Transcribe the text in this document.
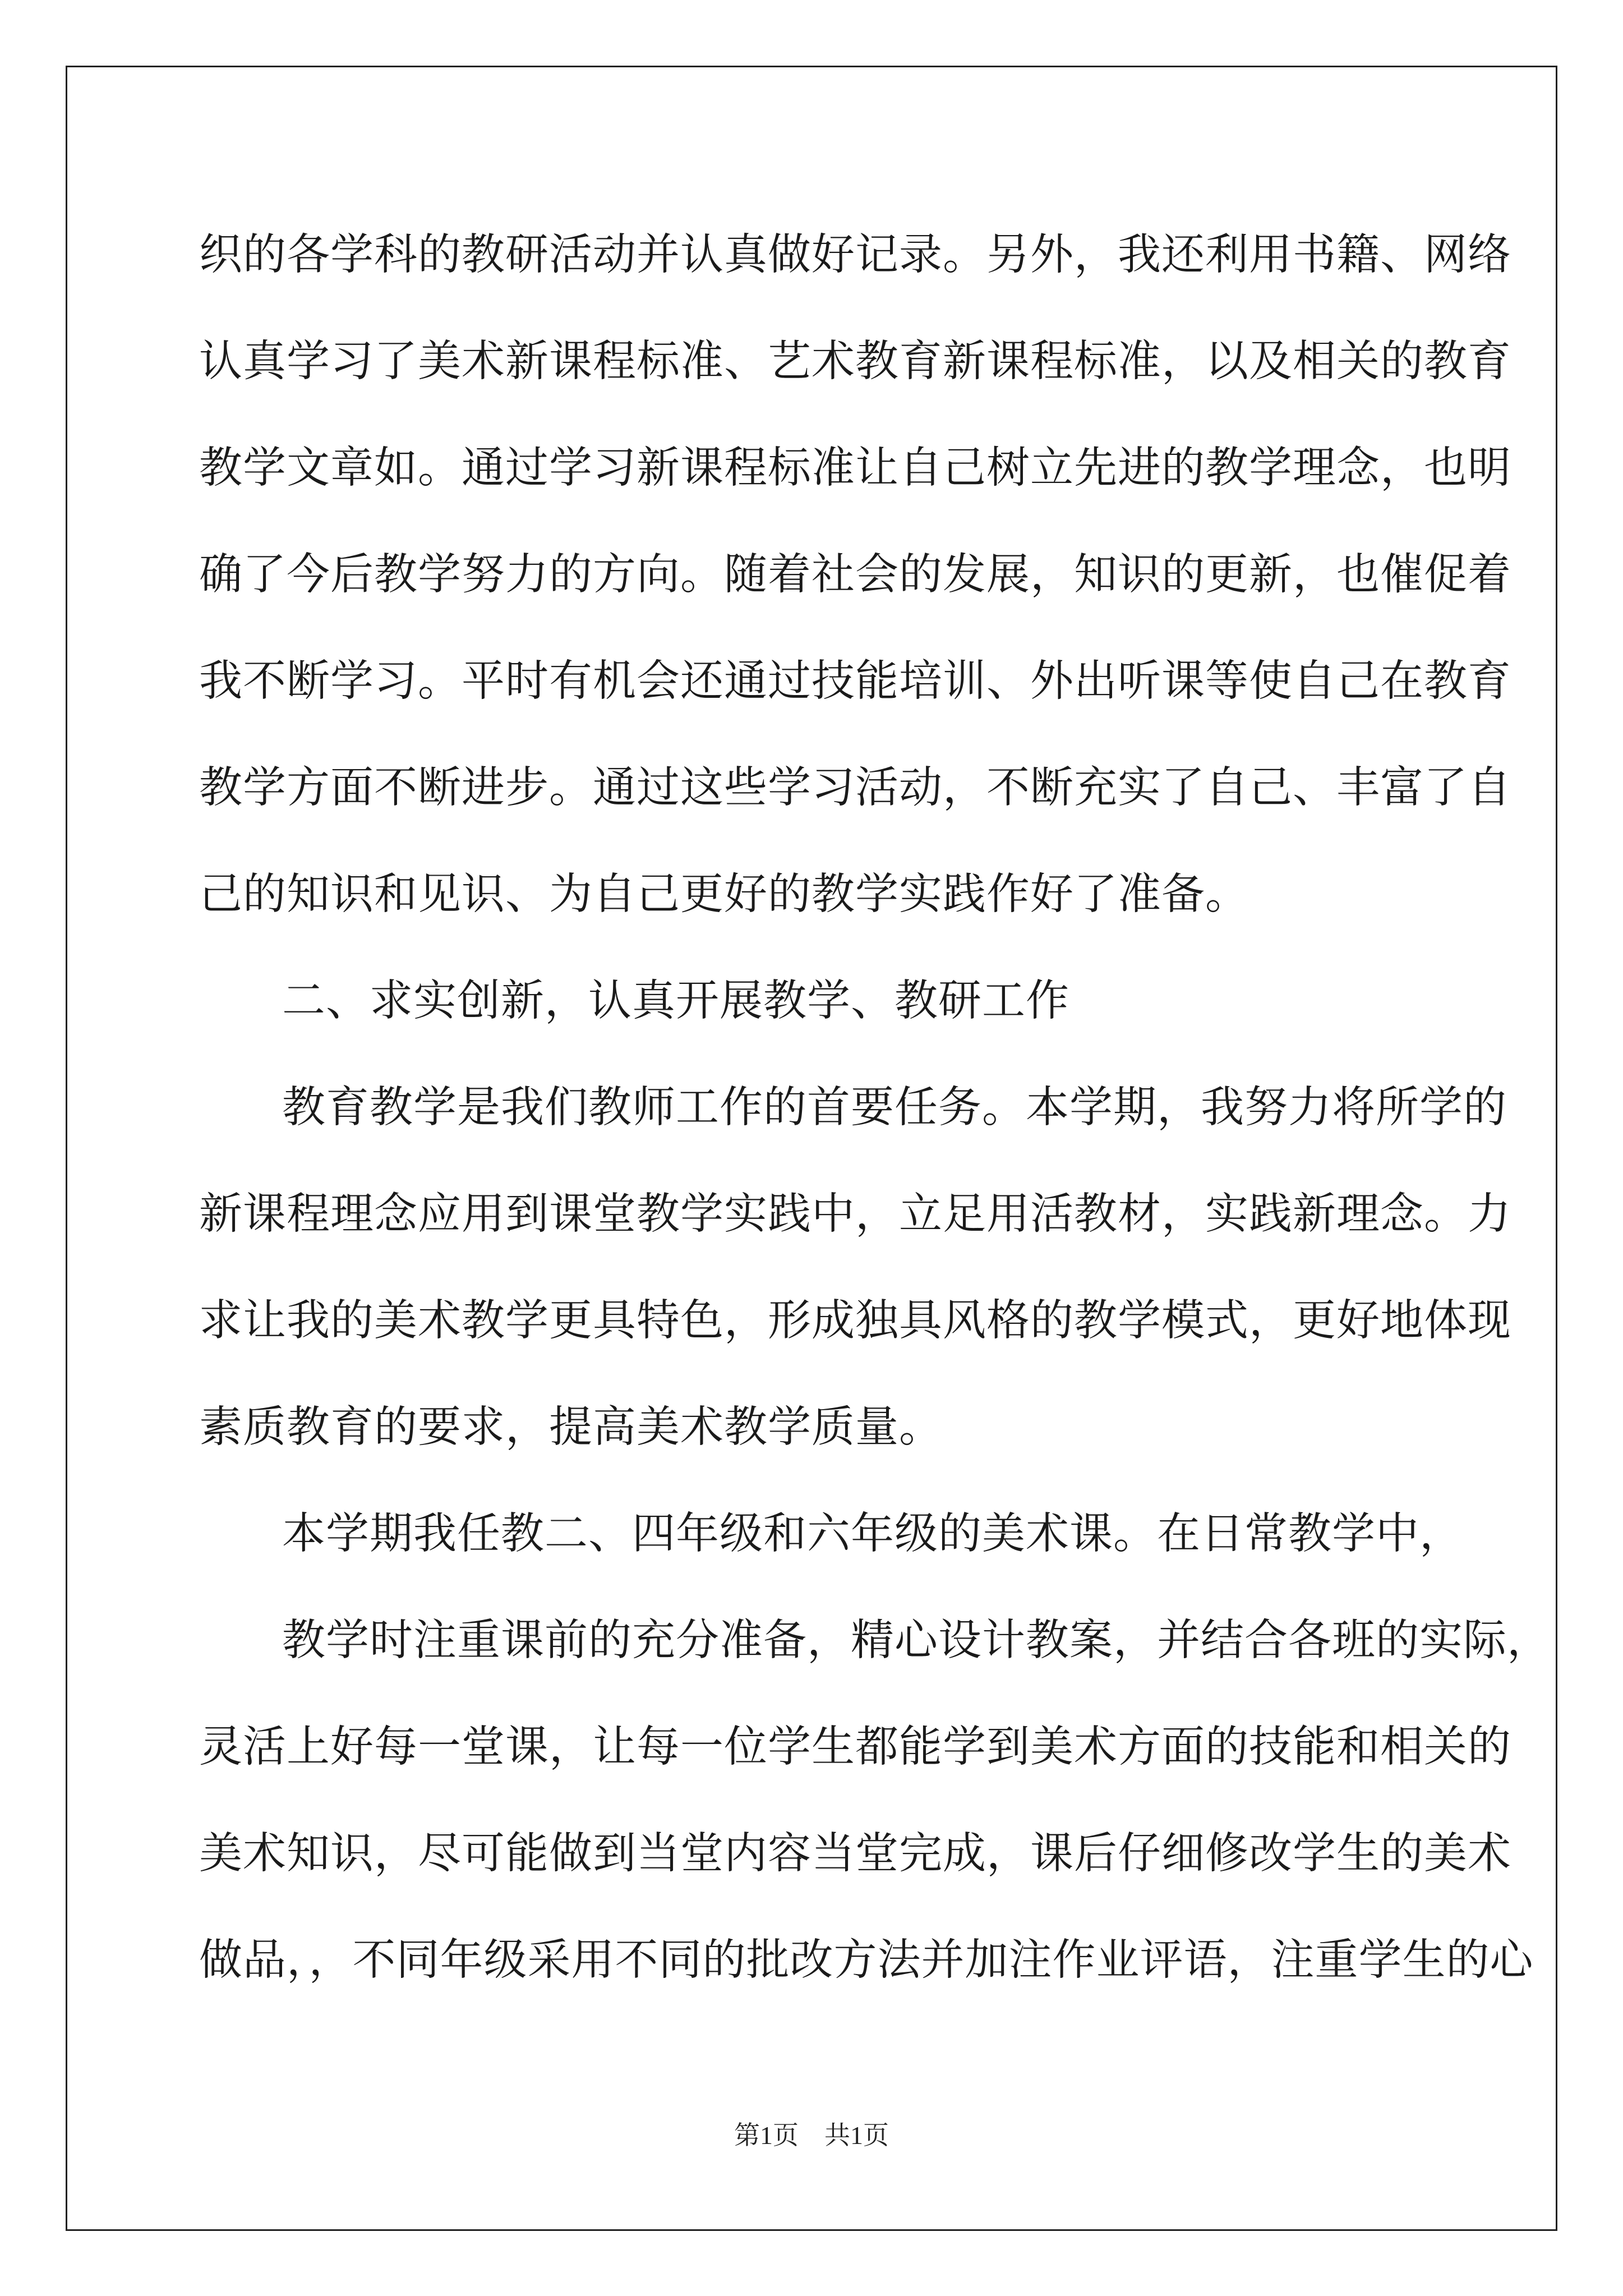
织的各学科的教研活动并认真做好记录。另外，我还利用书籍、网络
认真学习了美术新课程标准、艺术教育新课程标准，以及相关的教育
教学文章如。通过学习新课程标准让自己树立先进的教学理念，也明
确了今后教学努力的方向。随着社会的发展，知识的更新，也催促着
我不断学习。平时有机会还通过技能培训、外出听课等使自己在教育
教学方面不断进步。通过这些学习活动，不断充实了自己、丰富了自
己的知识和见识、为自己更好的教学实践作好了准备。
二、求实创新，认真开展教学、教研工作
教育教学是我们教师工作的首要任务。本学期，我努力将所学的
新课程理念应用到课堂教学实践中，立足用活教材，实践新理念。力
求让我的美术教学更具特色，形成独具风格的教学模式，更好地体现
素质教育的要求，提高美术教学质量。
本学期我任教二、四年级和六年级的美术课。在日常教学中，
教学时注重课前的充分准备，精心设计教案，并结合各班的实际，
灵活上好每一堂课，让每一位学生都能学到美术方面的技能和相关的
美术知识，尽可能做到当堂内容当堂完成，课后仔细修改学生的美术
做品，，不同年级采用不同的批改方法并加注作业评语，注重学生的心
第1页　共1页
